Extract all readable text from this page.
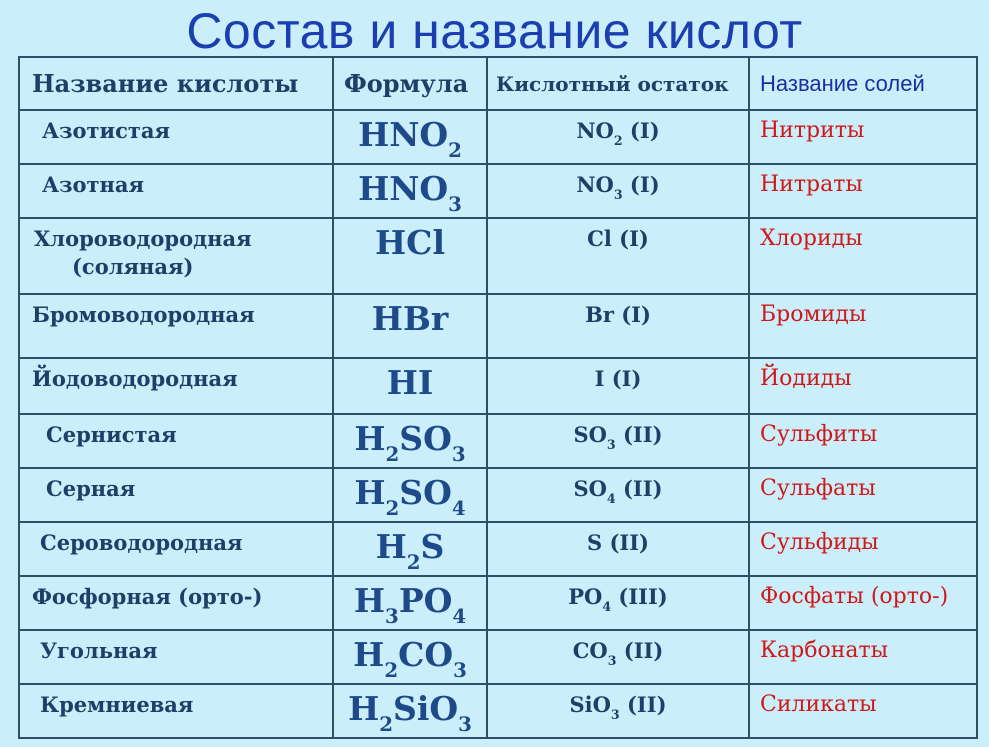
Состав и название кислот
Название кислоты	Формула	Кислотный остаток	Название солей

Азотистая	$HNO_2$	$NO_2$ (I)	Нитриты

Азотная	$HNO_3$	$NO_3$ (I)	Нитраты

Хлороводородная
(соляная)	HCl	Cl (I)	Хлориды

Бромоводородная	HBr	Br (I)	Бромиды

Йодоводородная	HI	I (I)	Йодиды

Сернистая	$H_2SO_3$	$SO_3$ (II)	Сульфиты

Серная	$H_2SO_4$	$SO_4$ (II)	Сульфаты

Сероводородная	$H_2S$	S (II)	Сульфиды

Фосфорная (орто-)	$H_3PO_4$	$PO_4$ (III)	Фосфаты (орто-)

Угольная	$H_2CO_3$	$CO_3$ (II)	Карбонаты

Кремниевая	$H_2SiO_3$	SiO$_3$ (II)	Силикаты
